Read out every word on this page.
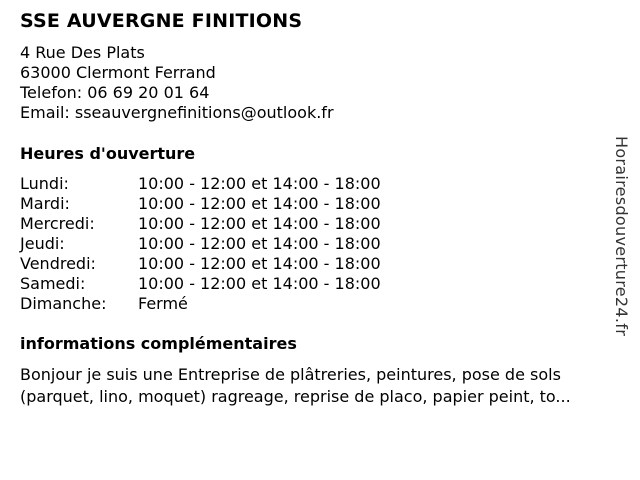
SSE AUVERGNE FINITIONS
4 Rue Des Plats
63000 Clermont Ferrand
Telefon: 06 69 20 01 64
Email: sseauvergnefinitions@outlook.fr
Heures d'ouverture
Lundi:	10:00 - 12:00 et 14:00 - 18:00
Mardi:	10:00 - 12:00 et 14:00 - 18:00
Mercredi:	10:00 - 12:00 et 14:00 - 18:00
Jeudi:	10:00 - 12:00 et 14:00 - 18:00
Vendredi:	10:00 - 12:00 et 14:00 - 18:00
Samedi:	10:00 - 12:00 et 14:00 - 18:00
Dimanche: Fermé
informations complémentaires
Bonjour je suis une Entreprise de plâtreries, peintures, pose de sols
(parquet, lino, moquet) ragreage, reprise de placo, papier peint, to...
Horairesdouverture24.fr
